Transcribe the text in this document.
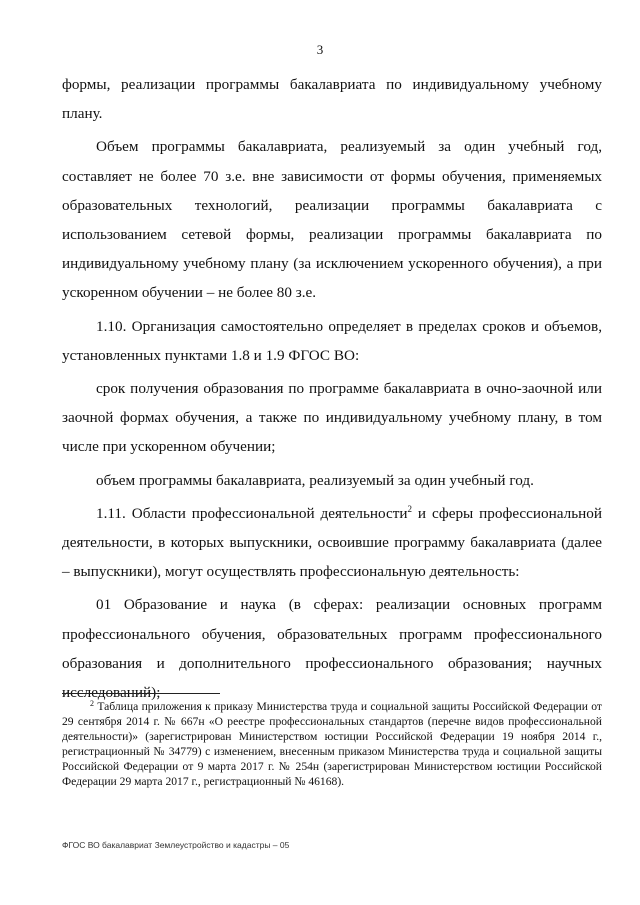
3

формы, реализации программы бакалавриата по индивидуальному учебному плану.

Объем программы бакалавриата, реализуемый за один учебный год, составляет не более 70 з.е. вне зависимости от формы обучения, применяемых образовательных технологий, реализации программы бакалавриата с использованием сетевой формы, реализации программы бакалавриата по индивидуальному учебному плану (за исключением ускоренного обучения), а при ускоренном обучении – не более 80 з.е.

1.10. Организация самостоятельно определяет в пределах сроков и объемов, установленных пунктами 1.8 и 1.9 ФГОС ВО:

срок получения образования по программе бакалавриата в очно-заочной или заочной формах обучения, а также по индивидуальному учебному плану, в том числе при ускоренном обучении;

объем программы бакалавриата, реализуемый за один учебный год.

1.11. Области профессиональной деятельности$^2$ и сферы профессиональной деятельности, в которых выпускники, освоившие программу бакалавриата (далее – выпускники), могут осуществлять профессиональную деятельность:

01 Образование и наука (в сферах: реализации основных программ профессионального обучения, образовательных программ профессионального образования и дополнительного профессионального образования; научных исследований);

$^2$ Таблица приложения к приказу Министерства труда и социальной защиты Российской Федерации от 29 сентября 2014 г. № 667н «О реестре профессиональных стандартов (перечне видов профессиональной деятельности)» (зарегистрирован Министерством юстиции Российской Федерации 19 ноября 2014 г., регистрационный № 34779) с изменением, внесенным приказом Министерства труда и социальной защиты Российской Федерации от 9 марта 2017 г. № 254н (зарегистрирован Министерством юстиции Российской Федерации 29 марта 2017 г., регистрационный № 46168).
ФГОС ВО бакалавриат Землеустройство и кадастры – 05
